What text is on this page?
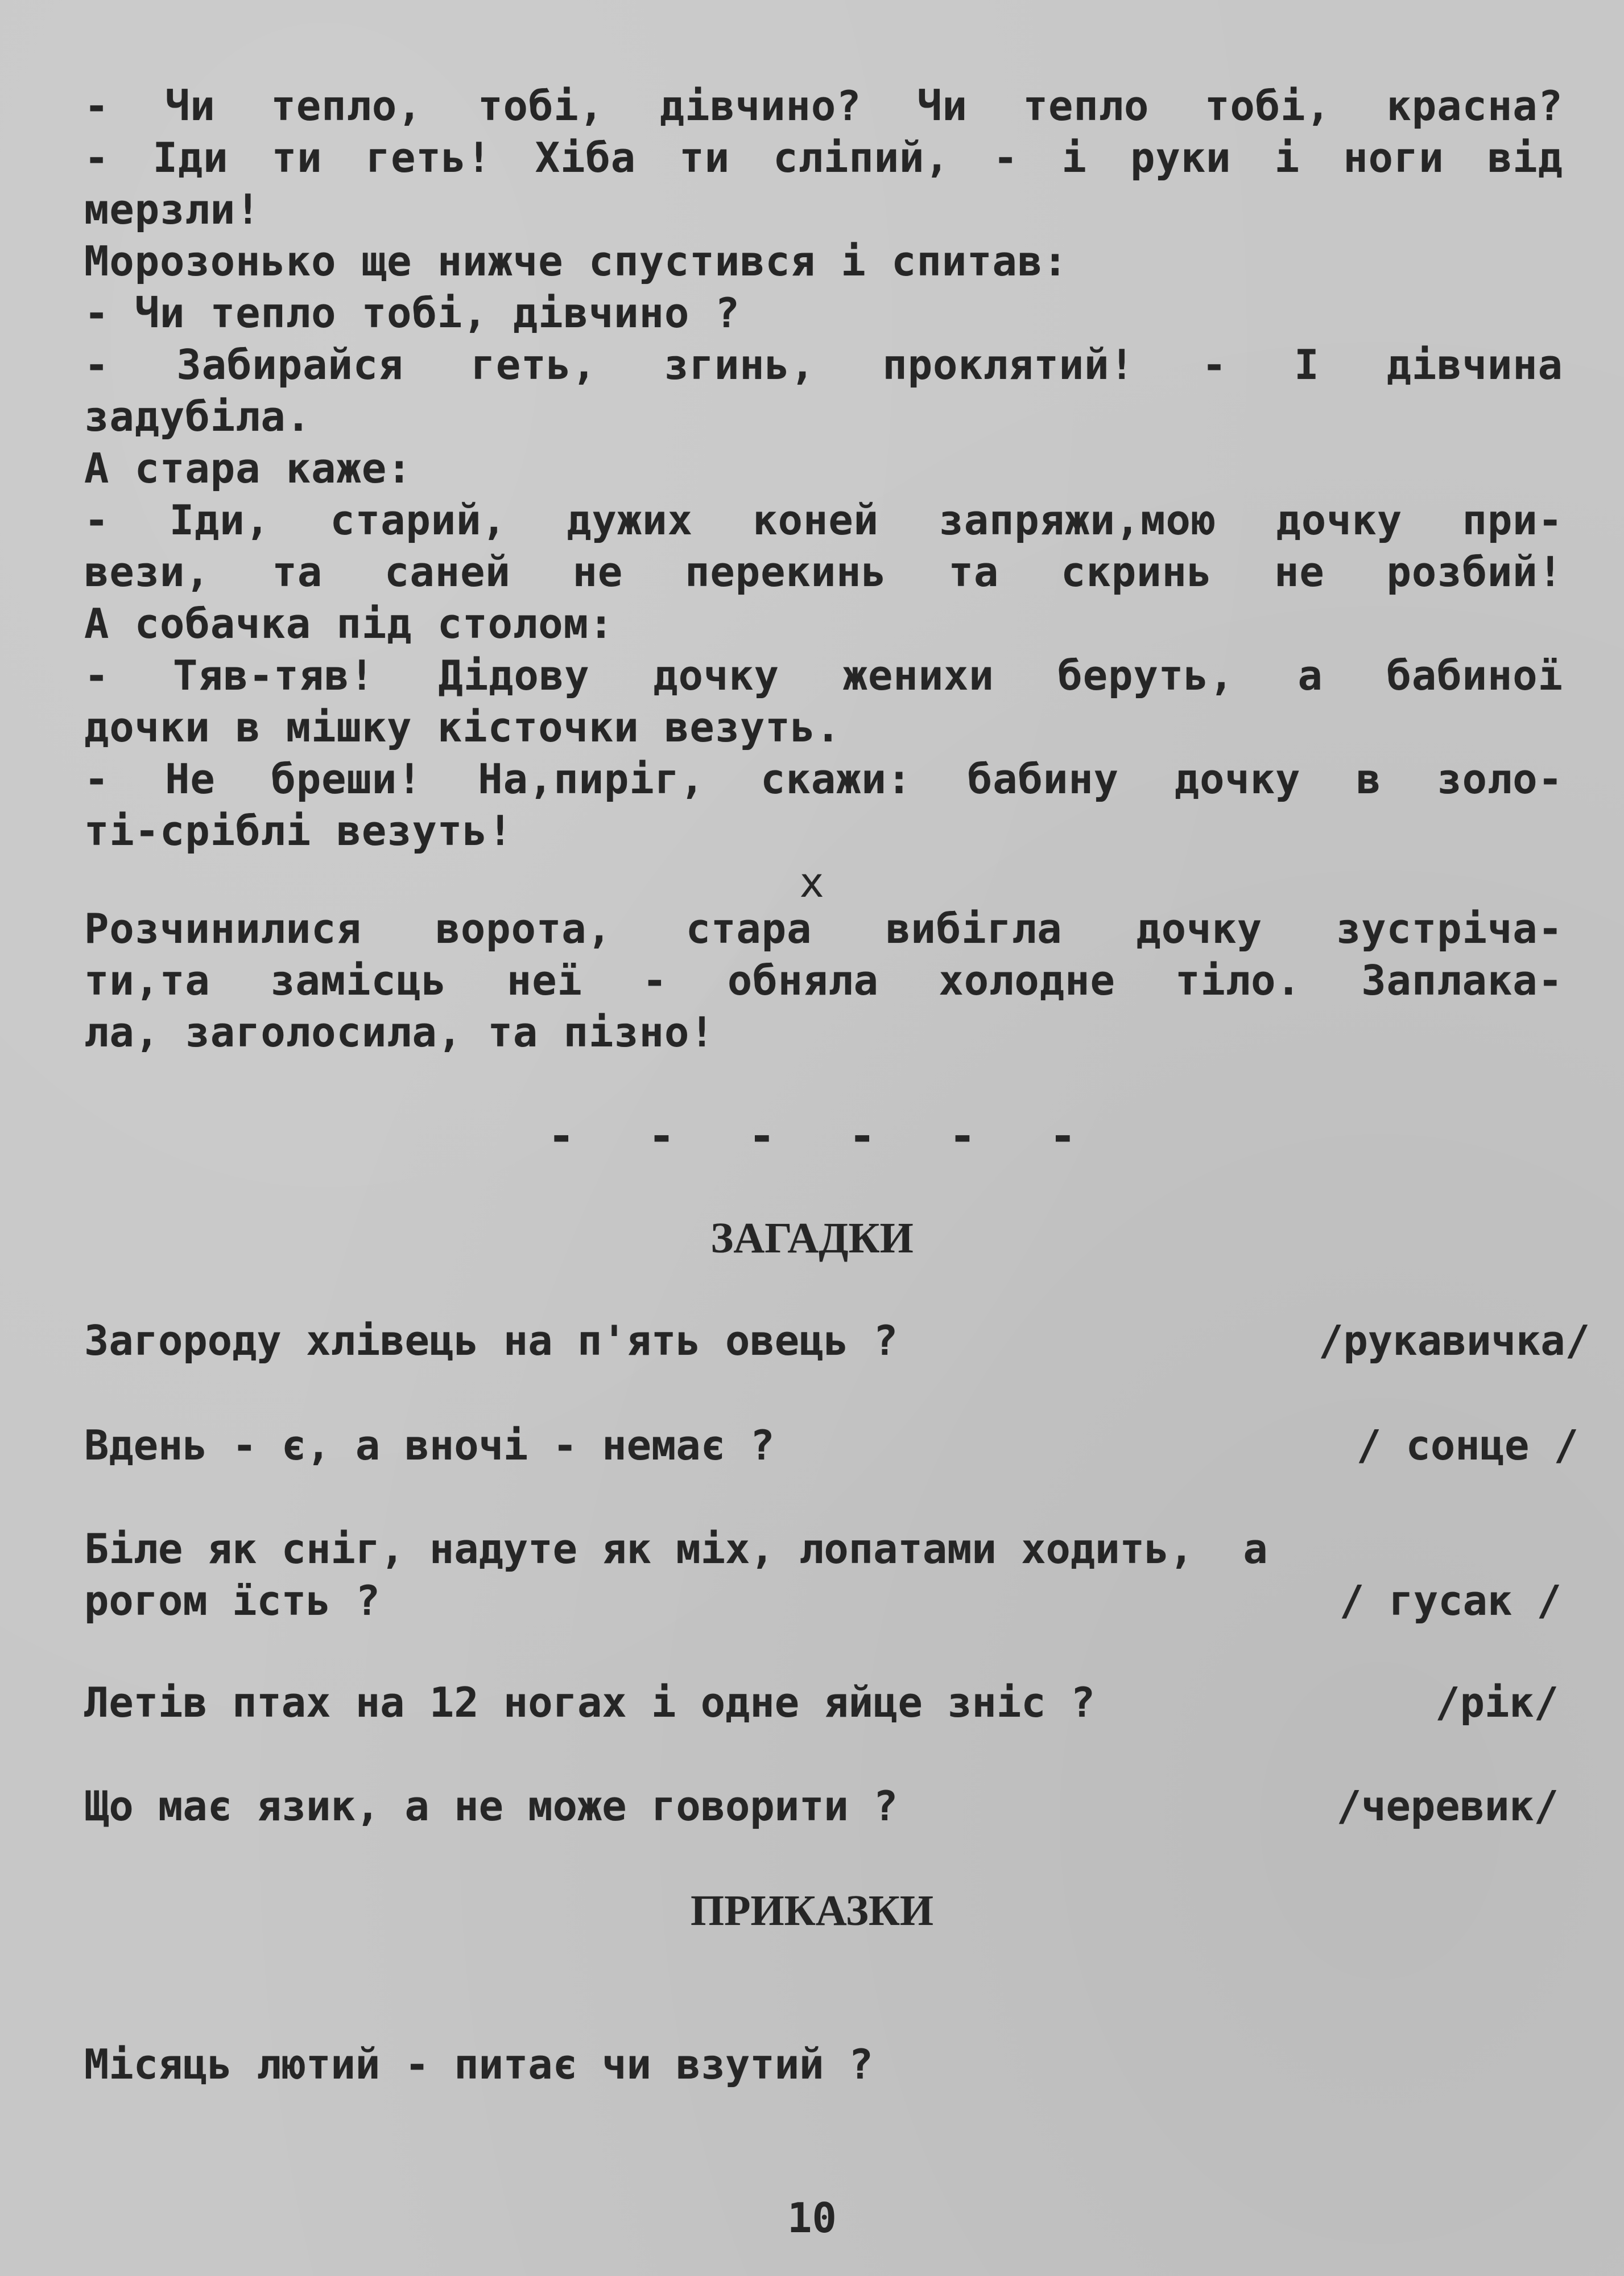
- Чи тепло, тобі, дівчино? Чи тепло тобі, красна?
- Іди ти геть! Хіба ти сліпий, - і руки і ноги від
мерзли!
Морозонько ще нижче спустився і спитав:
- Чи тепло тобі, дівчино ?
- Забирайся геть, згинь, проклятий! - І дівчина
задубіла.
А стара каже:
- Іди, старий, дужих коней запряжи,мою дочку при-
вези, та саней не перекинь та скринь не розбий!
А собачка під столом:
- Тяв-тяв! Дідову дочку женихи беруть, а бабиної
дочки в мішку кісточки везуть.
- Не бреши! На,пиріг, скажи: бабину дочку в золо-
ті-сріблі везуть!
х
Розчинилися ворота, стара вибігла дочку зустріча-
ти,та замісць неї - обняла холодне тіло. Заплака-
ла, заголосила, та пізно!
- - - - - -
ЗАГАДКИ
Загороду хлівець на п'ять овець ?	/рукавичка/
Вдень - є, а вночі - немає ?	/ сонце /
Біле як сніг, надуте як міх, лопатами ходить,  а
рогом їсть ?	/ гусак /
Летів птах на 12 ногах і одне яйце зніс ?	/рік/
Що має язик, а не може говорити ?	/черевик/
ПРИКАЗКИ
Місяць лютий - питає чи взутий ?
10
